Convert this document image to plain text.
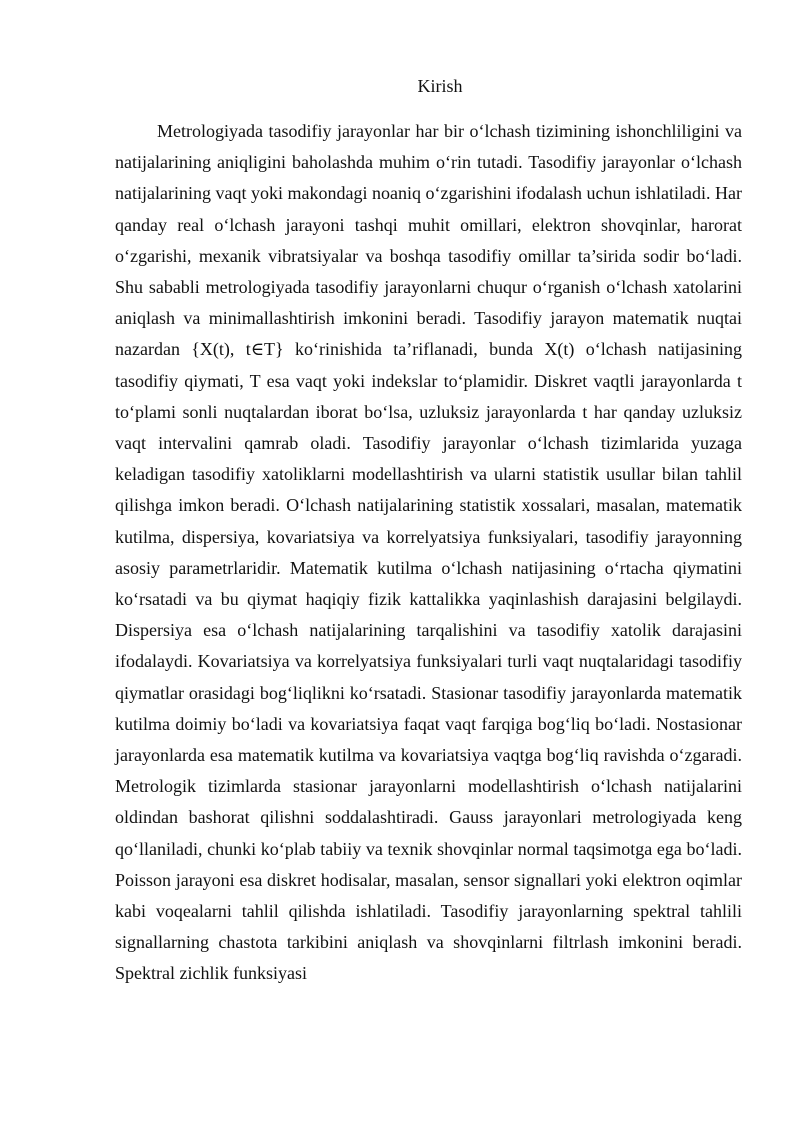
Kirish

Metrologiyada tasodifiy jarayonlar har bir oʻlchash tizimining ishonchliligini va natijalarining aniqligini baholashda muhim oʻrin tutadi. Tasodifiy jarayonlar oʻlchash natijalarining vaqt yoki makondagi noaniq oʻzgarishini ifodalash uchun ishlatiladi. Har qanday real oʻlchash jarayoni tashqi muhit omillari, elektron shovqinlar, harorat oʻzgarishi, mexanik vibratsiyalar va boshqa tasodifiy omillar ta’sirida sodir boʻladi. Shu sababli metrologiyada tasodifiy jarayonlarni chuqur oʻrganish oʻlchash xatolarini aniqlash va minimallashtirish imkonini beradi. Tasodifiy jarayon matematik nuqtai nazardan {X(t), t∈T} koʻrinishida ta’riflanadi, bunda X(t) oʻlchash natijasining tasodifiy qiymati, T esa vaqt yoki indekslar toʻplamidir. Diskret vaqtli jarayonlarda t toʻplami sonli nuqtalardan iborat boʻlsa, uzluksiz jarayonlarda t har qanday uzluksiz vaqt intervalini qamrab oladi. Tasodifiy jarayonlar oʻlchash tizimlarida yuzaga keladigan tasodifiy xatoliklarni modellashtirish va ularni statistik usullar bilan tahlil qilishga imkon beradi. Oʻlchash natijalarining statistik xossalari, masalan, matematik kutilma, dispersiya, kovariatsiya va korrelyatsiya funksiyalari, tasodifiy jarayonning asosiy parametrlaridir. Matematik kutilma oʻlchash natijasining oʻrtacha qiymatini koʻrsatadi va bu qiymat haqiqiy fizik kattalikka yaqinlashish darajasini belgilaydi. Dispersiya esa oʻlchash natijalarining tarqalishini va tasodifiy xatolik darajasini ifodalaydi. Kovariatsiya va korrelyatsiya funksiyalari turli vaqt nuqtalaridagi tasodifiy qiymatlar orasidagi bogʻliqlikni koʻrsatadi. Stasionar tasodifiy jarayonlarda matematik kutilma doimiy boʻladi va kovariatsiya faqat vaqt farqiga bogʻliq boʻladi. Nostasionar jarayonlarda esa matematik kutilma va kovariatsiya vaqtga bogʻliq ravishda oʻzgaradi. Metrologik tizimlarda stasionar jarayonlarni modellashtirish oʻlchash natijalarini oldindan bashorat qilishni soddalashtiradi. Gauss jarayonlari metrologiyada keng qoʻllaniladi, chunki koʻplab tabiiy va texnik shovqinlar normal taqsimotga ega boʻladi. Poisson jarayoni esa diskret hodisalar, masalan, sensor signallari yoki elektron oqimlar kabi voqealarni tahlil qilishda ishlatiladi. Tasodifiy jarayonlarning spektral tahlili signallarning chastota tarkibini aniqlash va shovqinlarni filtrlash imkonini beradi. Spektral zichlik funksiyasi
